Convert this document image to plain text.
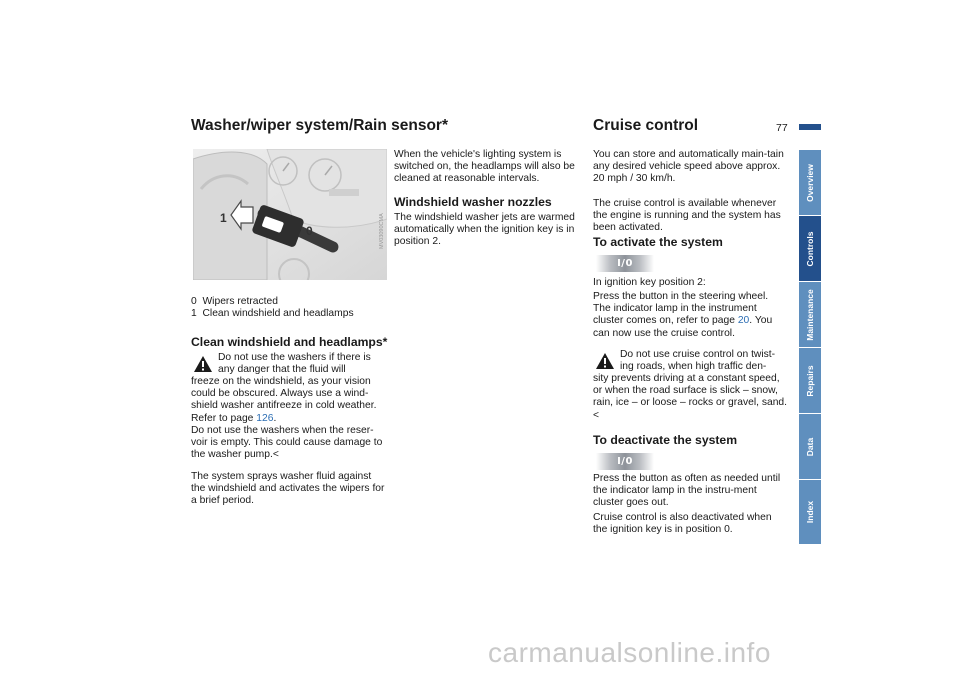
Washer/wiper system/Rain sensor*	Cruise control	77
1
0	MV03090CMA
0 Wipers retracted
1 Clean windshield and headlamps
Clean windshield and headlamps*

Do not use the washers if there is

any danger that the fluid will

freeze on the windshield, as your vision could be obscured. Always use a wind-shield washer antifreeze in cold weather. Refer to page 126.

Do not use the washers when the reser-voir is empty. This could cause damage to the washer pump.<

The system sprays washer fluid against the windshield and activates the wipers for a brief period.
When the vehicle's lighting system is switched on, the headlamps will also be cleaned at reasonable intervals.
Windshield washer nozzles
The windshield washer jets are warmed automatically when the ignition key is in position 2.
You can store and automatically main-tain any desired vehicle speed above approx. 20 mph / 30 km/h.
The cruise control is available whenever the engine is running and the system has been activated.
To activate the system
I/0
In ignition key position 2:
Press the button in the steering wheel. The indicator lamp in the instrument cluster comes on, refer to page 20. You can now use the cruise control.

Do not use cruise control on twist-

ing roads, when high traffic den-

sity prevents driving at a constant speed, or when the road surface is slick – snow, rain, ice – or loose – rocks or gravel, sand.<
To deactivate the system
I/0
Press the button as often as needed until the indicator lamp in the instru-ment cluster goes out.
Cruise control is also deactivated when the ignition key is in position 0.
Overview
Controls
Maintenance
Repairs
Data
Index
carmanualsonline.info
